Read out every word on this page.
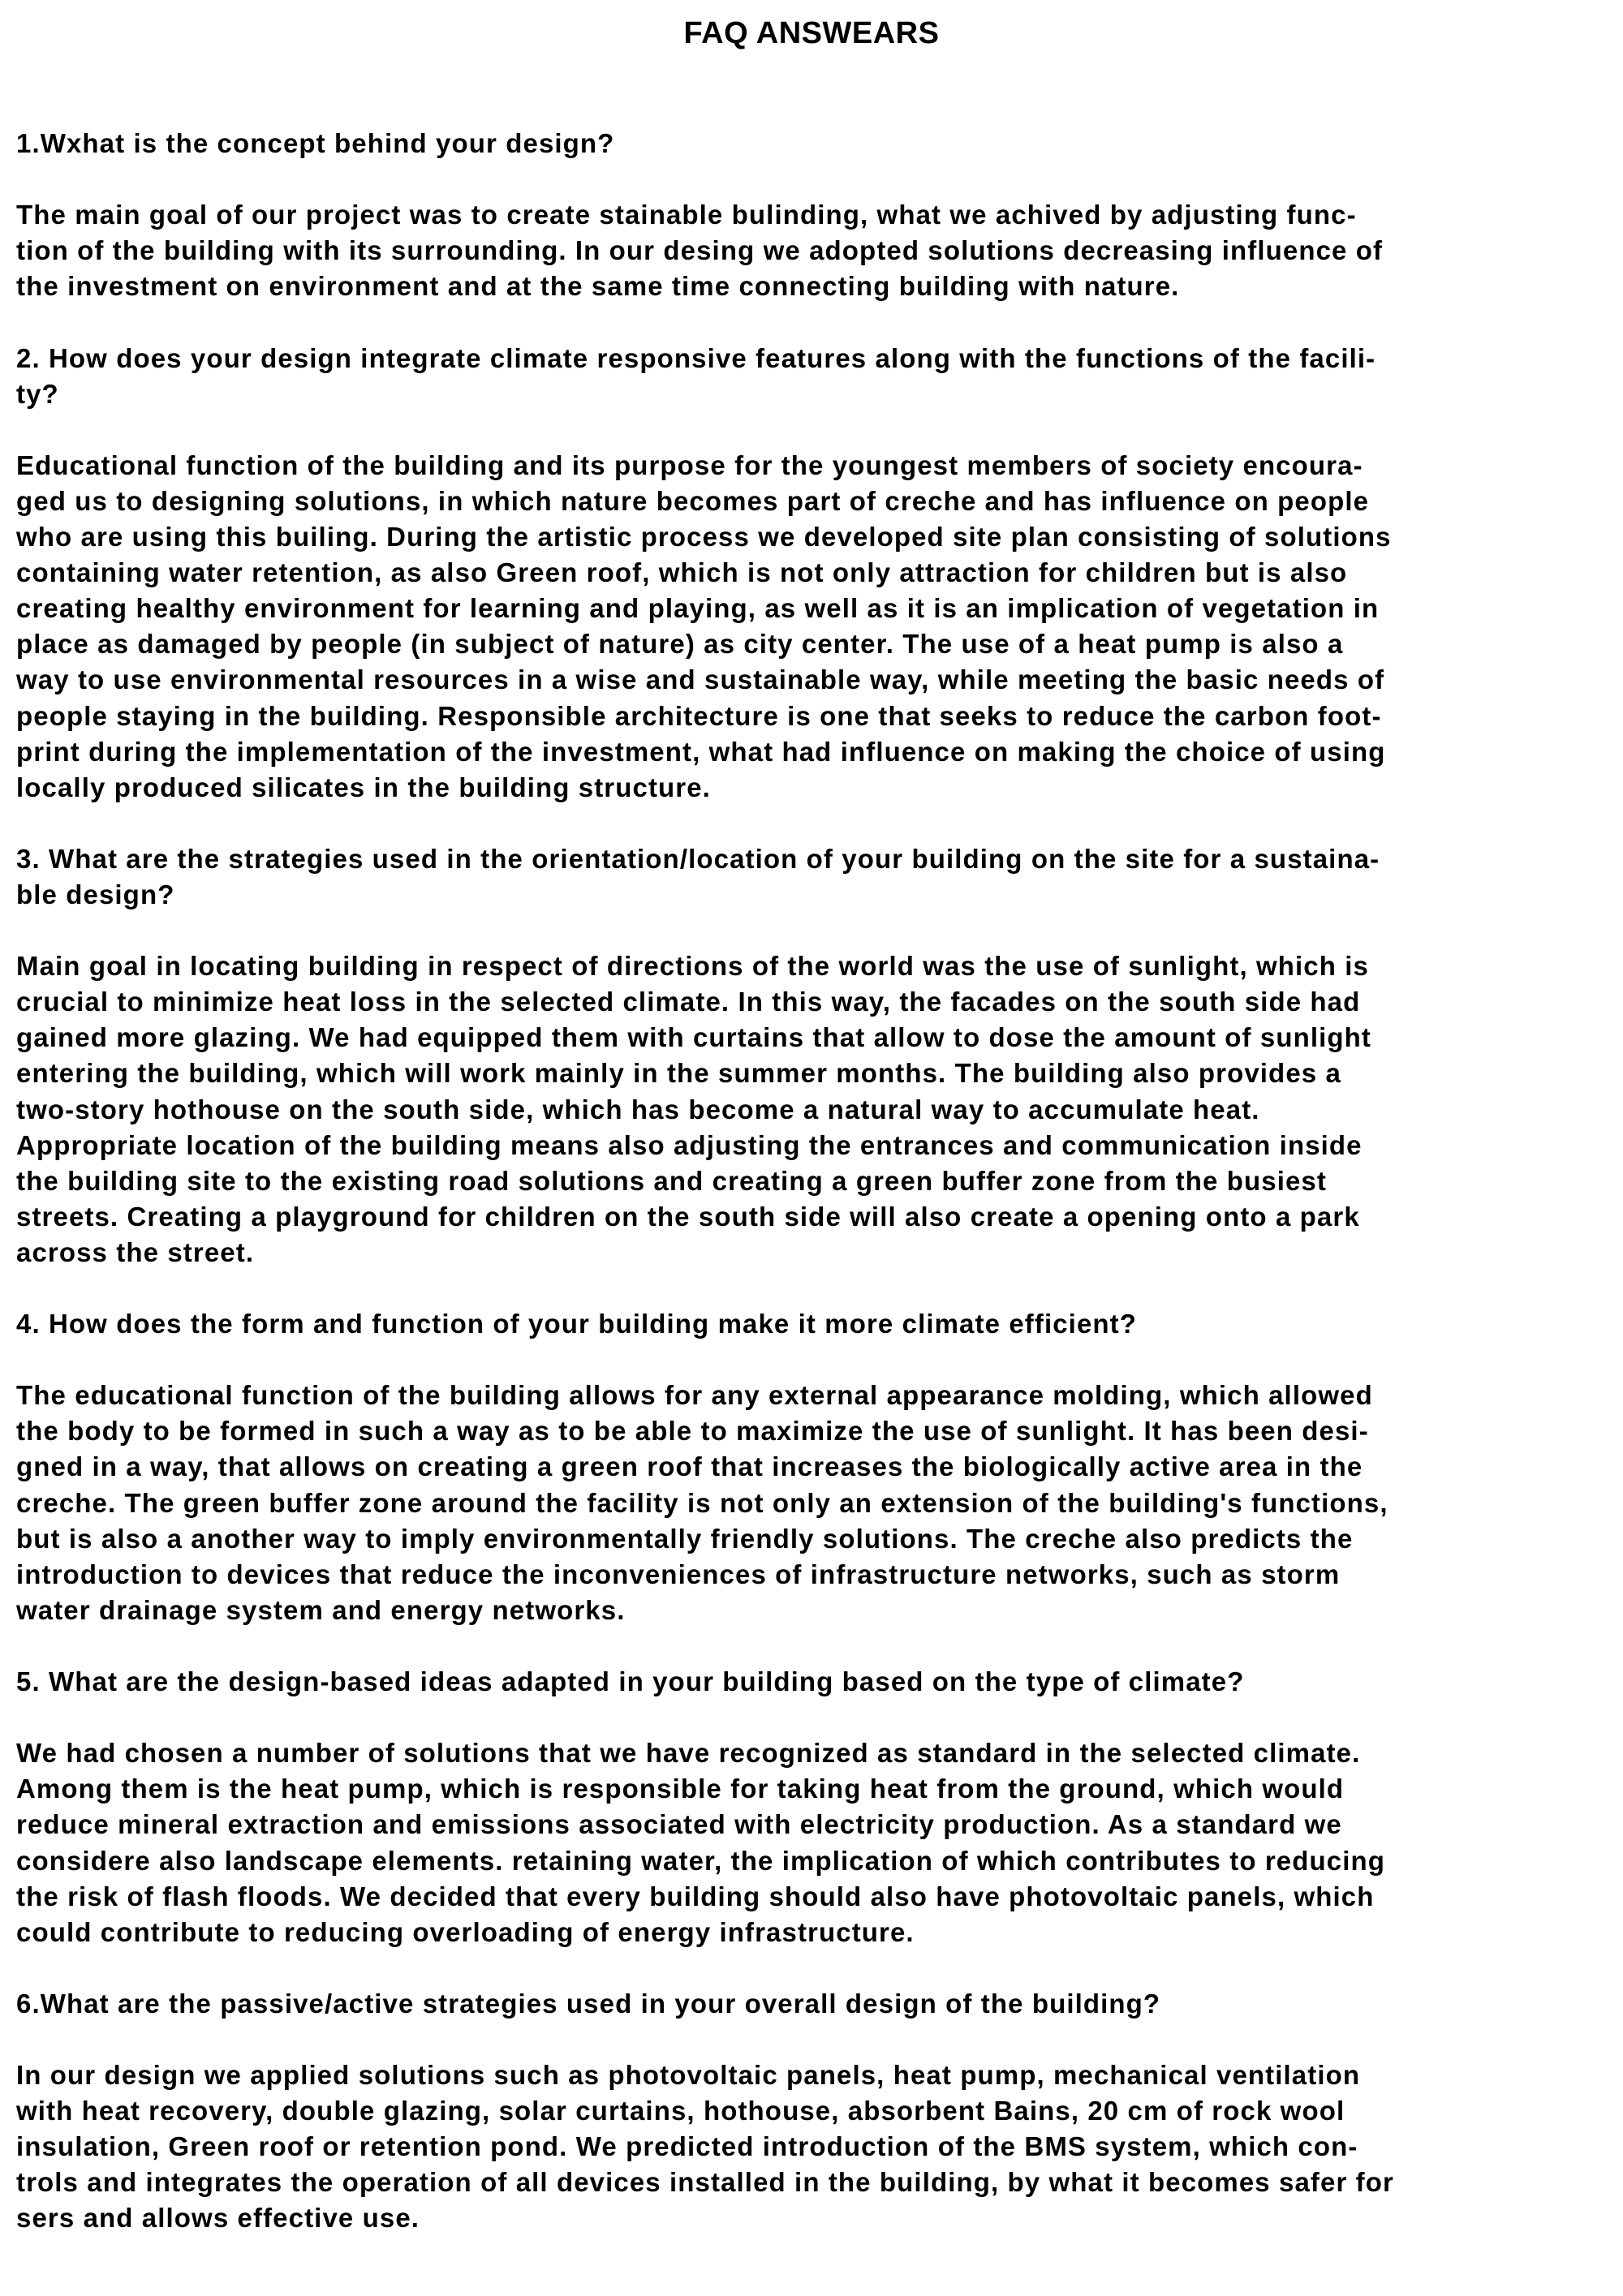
FAQ ANSWEARS
1.Wxhat is the concept behind your design?
The main goal of our project was to create stainable bulinding, what we achived by adjusting func-
tion of the building with its surrounding. In our desing we adopted solutions decreasing influence of
the investment on environment and at the same time connecting building with nature.
2. How does your design integrate climate responsive features along with the functions of the facili-
ty?
Educational function of the building and its purpose for the youngest members of society encoura-
ged us to designing solutions, in which nature becomes part of creche and has influence on people
who are using this builing. During the artistic process we developed site plan consisting of solutions
containing water retention, as also Green roof, which is not only attraction for children but is also
creating healthy environment for learning and playing, as well as it is an implication of vegetation in
place as damaged by people (in subject of nature) as city center. The use of a heat pump is also a
way to use environmental resources in a wise and sustainable way, while meeting the basic needs of
people staying in the building. Responsible architecture is one that seeks to reduce the carbon foot-
print during the implementation of the investment, what had influence on making the choice of using
locally produced silicates in the building structure.
3. What are the strategies used in the orientation/location of your building on the site for a sustaina-
ble design?
Main goal in locating building in respect of directions of the world was the use of sunlight, which is
crucial to minimize heat loss in the selected climate. In this way, the facades on the south side had
gained more glazing. We had equipped them with curtains that allow to dose the amount of sunlight
entering the building, which will work mainly in the summer months. The building also provides a
two-story hothouse on the south side, which has become a natural way to accumulate heat.
Appropriate location of the building means also adjusting the entrances and communication inside
the building site to the existing road solutions and creating a green buffer zone from the busiest
streets. Creating a playground for children on the south side will also create a opening onto a park
across the street.
4. How does the form and function of your building make it more climate efficient?
The educational function of the building allows for any external appearance molding, which allowed
the body to be formed in such a way as to be able to maximize the use of sunlight. It has been desi-
gned in a way, that allows on creating a green roof that increases the biologically active area in the
creche. The green buffer zone around the facility is not only an extension of the building's functions,
but is also a another way to imply environmentally friendly solutions. The creche also predicts the
introduction to devices that reduce the inconveniences of infrastructure networks, such as storm
water drainage system and energy networks.
5. What are the design-based ideas adapted in your building based on the type of climate?
We had chosen a number of solutions that we have recognized as standard in the selected climate.
Among them is the heat pump, which is responsible for taking heat from the ground, which would
reduce mineral extraction and emissions associated with electricity production. As a standard we
considere also landscape elements. retaining water, the implication of which contributes to reducing
the risk of flash floods. We decided that every building should also have photovoltaic panels, which
could contribute to reducing overloading of energy infrastructure.
6.What are the passive/active strategies used in your overall design of the building?
In our design we applied solutions such as photovoltaic panels, heat pump, mechanical ventilation
with heat recovery, double glazing, solar curtains, hothouse, absorbent Bains, 20 cm of rock wool
insulation, Green roof or retention pond. We predicted introduction of the BMS system, which con-
trols and integrates the operation of all devices installed in the building, by what it becomes safer for
sers and allows effective use.
